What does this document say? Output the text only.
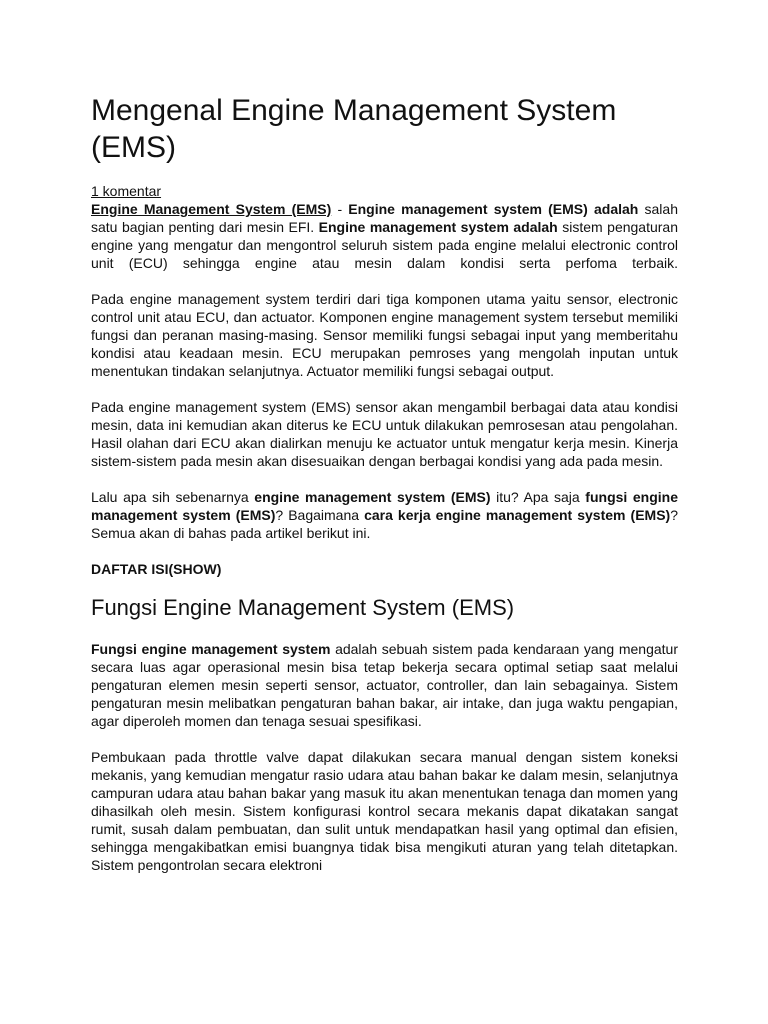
Mengenal Engine Management System (EMS)
1 komentar

Engine Management System (EMS) - Engine management system (EMS) adalah salah satu bagian penting dari mesin EFI. Engine management system adalah sistem pengaturan engine yang mengatur dan mengontrol seluruh sistem pada engine melalui electronic control unit (ECU) sehingga engine atau mesin dalam kondisi serta perfoma terbaik.

Pada engine management system terdiri dari tiga komponen utama yaitu sensor, electronic control unit atau ECU, dan actuator. Komponen engine management system tersebut memiliki fungsi dan peranan masing-masing. Sensor memiliki fungsi sebagai input yang memberitahu kondisi atau keadaan mesin. ECU merupakan pemroses yang mengolah inputan untuk menentukan tindakan selanjutnya. Actuator memiliki fungsi sebagai output.

Pada engine management system (EMS) sensor akan mengambil berbagai data atau kondisi mesin, data ini kemudian akan diterus ke ECU untuk dilakukan pemrosesan atau pengolahan. Hasil olahan dari ECU akan dialirkan menuju ke actuator untuk mengatur kerja mesin. Kinerja sistem-sistem pada mesin akan disesuaikan dengan berbagai kondisi yang ada pada mesin.

Lalu apa sih sebenarnya engine management system (EMS) itu? Apa saja fungsi engine management system (EMS)? Bagaimana cara kerja engine management system (EMS)? Semua akan di bahas pada artikel berikut ini.

DAFTAR ISI(SHOW)
Fungsi Engine Management System (EMS)

Fungsi engine management system adalah sebuah sistem pada kendaraan yang mengatur secara luas agar operasional mesin bisa tetap bekerja secara optimal setiap saat melalui pengaturan elemen mesin seperti sensor, actuator, controller, dan lain sebagainya. Sistem pengaturan mesin melibatkan pengaturan bahan bakar, air intake, dan juga waktu pengapian, agar diperoleh momen dan tenaga sesuai spesifikasi.

Pembukaan pada throttle valve dapat dilakukan secara manual dengan sistem koneksi mekanis, yang kemudian mengatur rasio udara atau bahan bakar ke dalam mesin, selanjutnya campuran udara atau bahan bakar yang masuk itu akan menentukan tenaga dan momen yang dihasilkah oleh mesin. Sistem konfigurasi kontrol secara mekanis dapat dikatakan sangat rumit, susah dalam pembuatan, dan sulit untuk mendapatkan hasil yang optimal dan efisien, sehingga mengakibatkan emisi buangnya tidak bisa mengikuti aturan yang telah ditetapkan. Sistem pengontrolan secara elektroni
